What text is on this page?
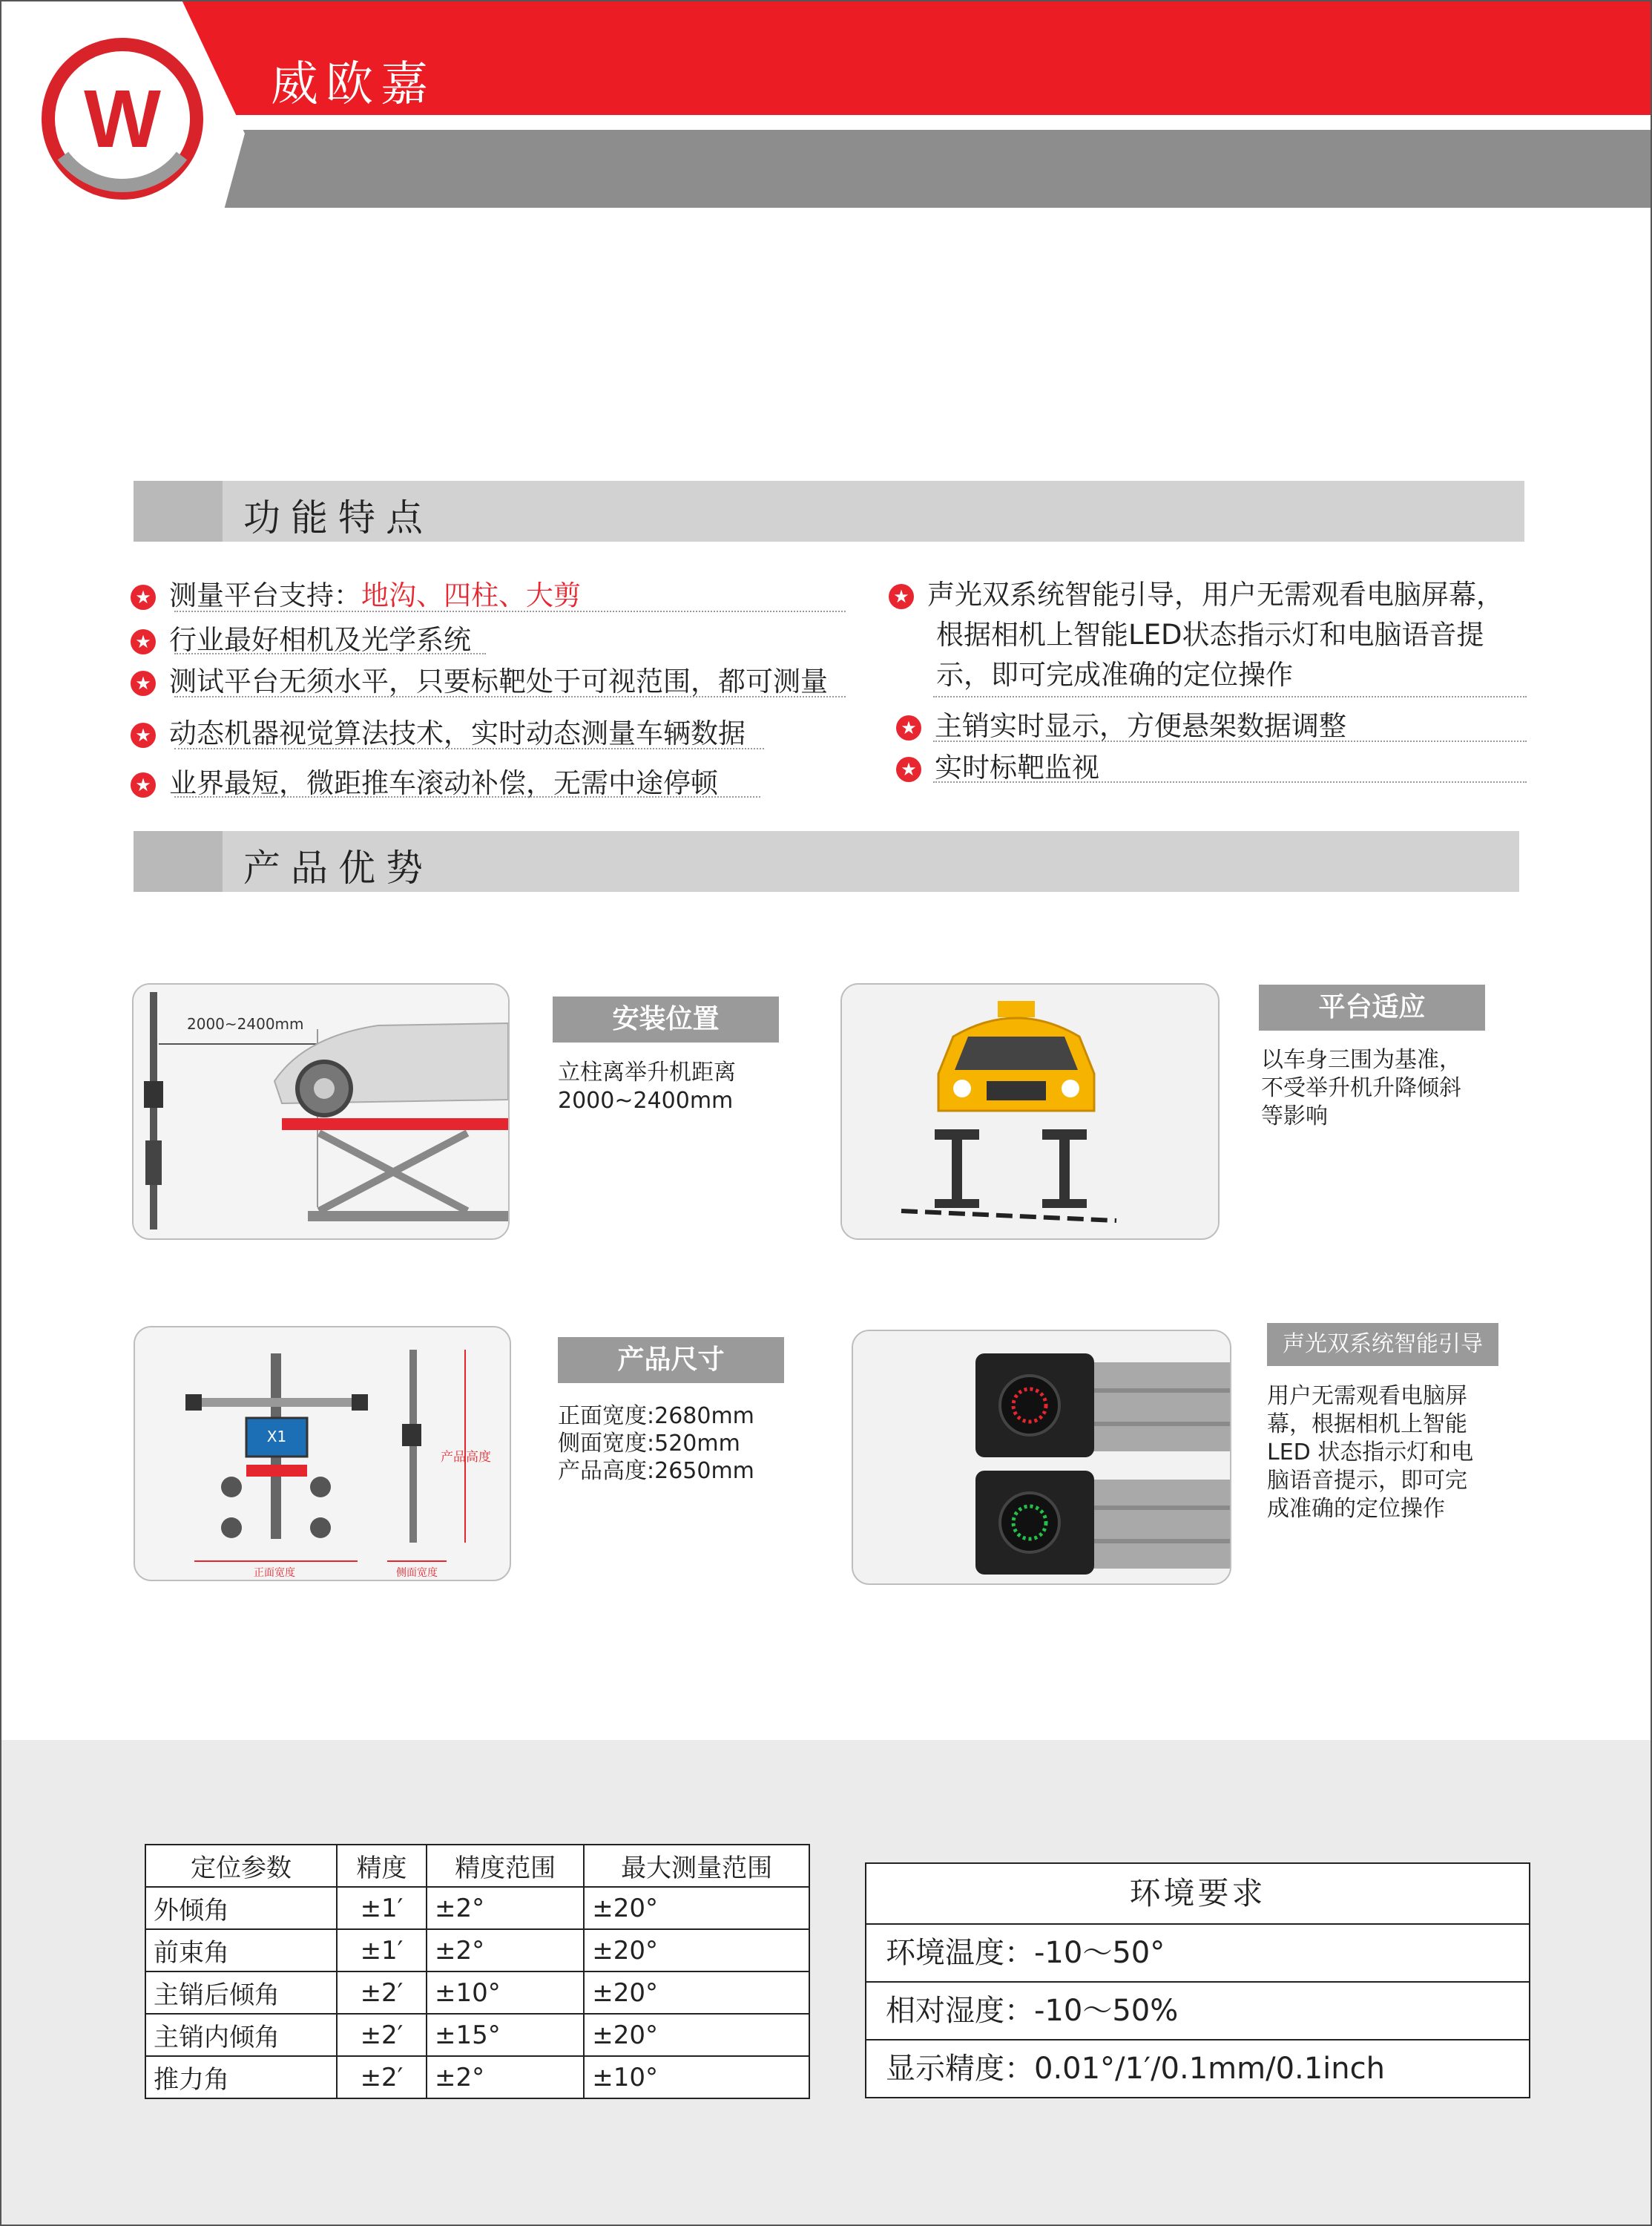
W 威欧嘉
功能特点
★ 测量平台支持：地沟、四柱、大剪
★ 行业最好相机及光学系统
★ 测试平台无须水平，只要标靶处于可视范围，都可测量
★ 动态机器视觉算法技术，实时动态测量车辆数据
★ 业界最短，微距推车滚动补偿，无需中途停顿
★ 声光双系统智能引导，用户无需观看电脑屏幕，
根据相机上智能LED状态指示灯和电脑语音提
示，即可完成准确的定位操作
★ 主销实时显示，方便悬架数据调整
★ 实时标靶监视
产品优势
2000~2400mm	安装位置
立柱离举升机距离
2000~2400mm
平台适应
以车身三围为基准，
不受举升机升降倾斜
等影响
X1
产品高度
正面宽度	侧面宽度
产品尺寸
正面宽度:2680mm
侧面宽度:520mm
产品高度:2650mm
声光双系统智能引导
用户无需观看电脑屏
幕，根据相机上智能
LED 状态指示灯和电
脑语音提示，即可完
成准确的定位操作
定位参数	精度	精度范围	最大测量范围
外倾角	±1′	±2°	±20°
前束角	±1′	±2°	±20°
主销后倾角	±2′	±10°	±20°
主销内倾角	±2′	±15°	±20°
推力角	±2′	±2°	±10°
环境要求
环境温度：-10～50°
相对湿度：-10～50%
显示精度：0.01°/1′/0.1mm/0.1inch
